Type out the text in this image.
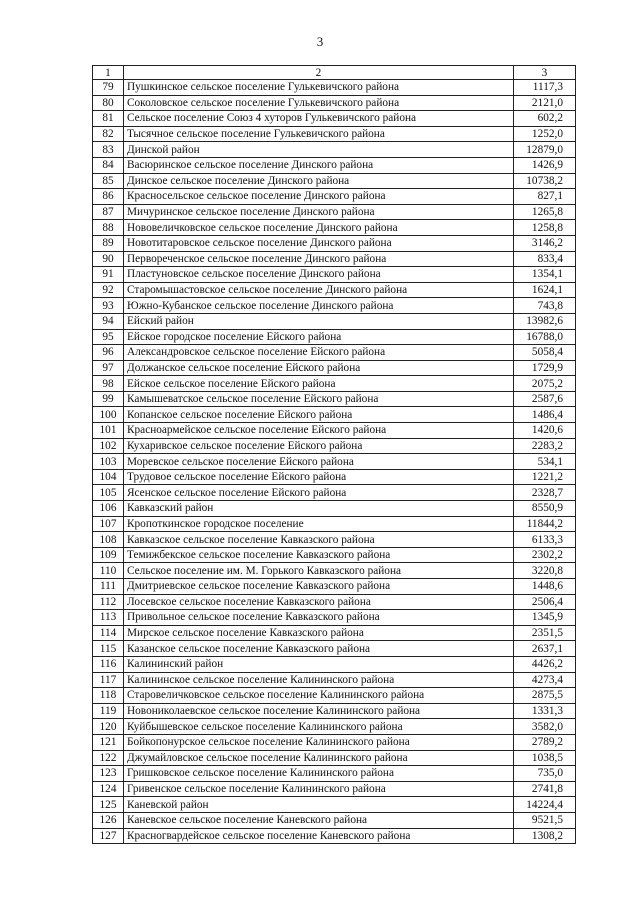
3
1	2	3
79	Пушкинское сельское поселение Гулькевичского района	1117,3
80	Соколовское сельское поселение Гулькевичского района	2121,0
81	Сельское поселение Союз 4 хуторов Гулькевичского района	602,2
82	Тысячное сельское поселение Гулькевичского района	1252,0
83	Динской район	12879,0
84	Васюринское сельское поселение Динского района	1426,9
85	Динское сельское поселение Динского района	10738,2
86	Красносельское сельское поселение Динского района	827,1
87	Мичуринское сельское поселение Динского района	1265,8
88	Нововеличковское сельское поселение Динского района	1258,8
89	Новотитаровское сельское поселение Динского района	3146,2
90	Первореченское сельское поселение Динского района	833,4
91	Пластуновское сельское поселение Динского района	1354,1
92	Старомышастовское сельское поселение Динского района	1624,1
93	Южно-Кубанское сельское поселение Динского района	743,8
94	Ейский район	13982,6
95	Ейское городское поселение Ейского района	16788,0
96	Александровское сельское поселение Ейского района	5058,4
97	Должанское сельское поселение Ейского района	1729,9
98	Ейское сельское поселение Ейского района	2075,2
99	Камышеватское сельское поселение Ейского района	2587,6
100	Копанское сельское поселение Ейского района	1486,4
101	Красноармейское сельское поселение Ейского района	1420,6
102	Кухаривское сельское поселение Ейского района	2283,2
103	Моревское сельское поселение Ейского района	534,1
104	Трудовое сельское поселение Ейского района	1221,2
105	Ясенское сельское поселение Ейского района	2328,7
106	Кавказский район	8550,9
107	Кропоткинское городское поселение	11844,2
108	Кавказское сельское поселение Кавказского района	6133,3
109	Темижбекское сельское поселение Кавказского района	2302,2
110	Сельское поселение им. М. Горького Кавказского района	3220,8
111	Дмитриевское сельское поселение Кавказского района	1448,6
112	Лосевское сельское поселение Кавказского района	2506,4
113	Привольное сельское поселение Кавказского района	1345,9
114	Мирское сельское поселение Кавказского района	2351,5
115	Казанское сельское поселение Кавказского района	2637,1
116	Калининский район	4426,2
117	Калининское сельское поселение Калининского района	4273,4
118	Старовеличковское сельское поселение Калининского района	2875,5
119	Новониколаевское сельское поселение Калининского района	1331,3
120	Куйбышевское сельское поселение Калининского района	3582,0
121	Бойкопонурское сельское поселение Калининского района	2789,2
122	Джумайловское сельское поселение Калининского района	1038,5
123	Гришковское сельское поселение Калининского района	735,0
124	Гривенское сельское поселение Калининского района	2741,8
125	Каневской район	14224,4
126	Каневское сельское поселение Каневского района	9521,5
127	Красногвардейское сельское поселение Каневского района	1308,2
